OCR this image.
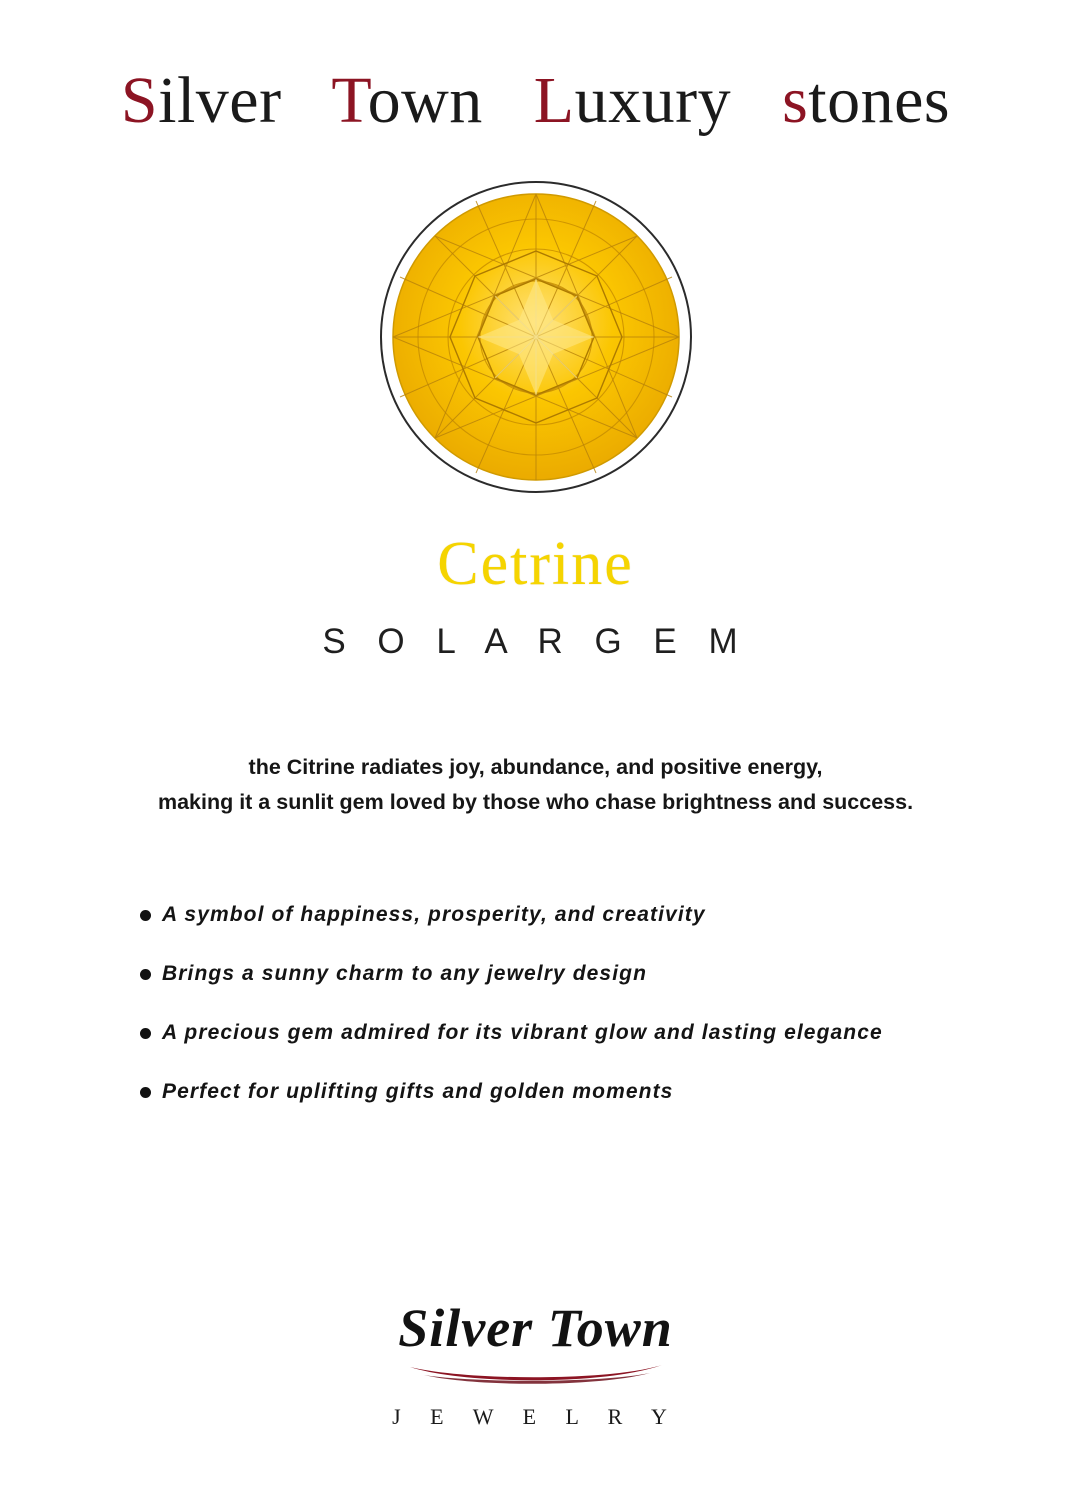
Silver Town Luxury stones
Cetrine
S O L A R G E M
the Citrine radiates joy, abundance, and positive energy,
making it a sunlit gem loved by those who chase brightness and success.
A symbol of happiness, prosperity, and creativity
Brings a sunny charm to any jewelry design
A precious gem admired for its vibrant glow and lasting elegance
Perfect for uplifting gifts and golden moments
Silver Town
J E W E L R Y
